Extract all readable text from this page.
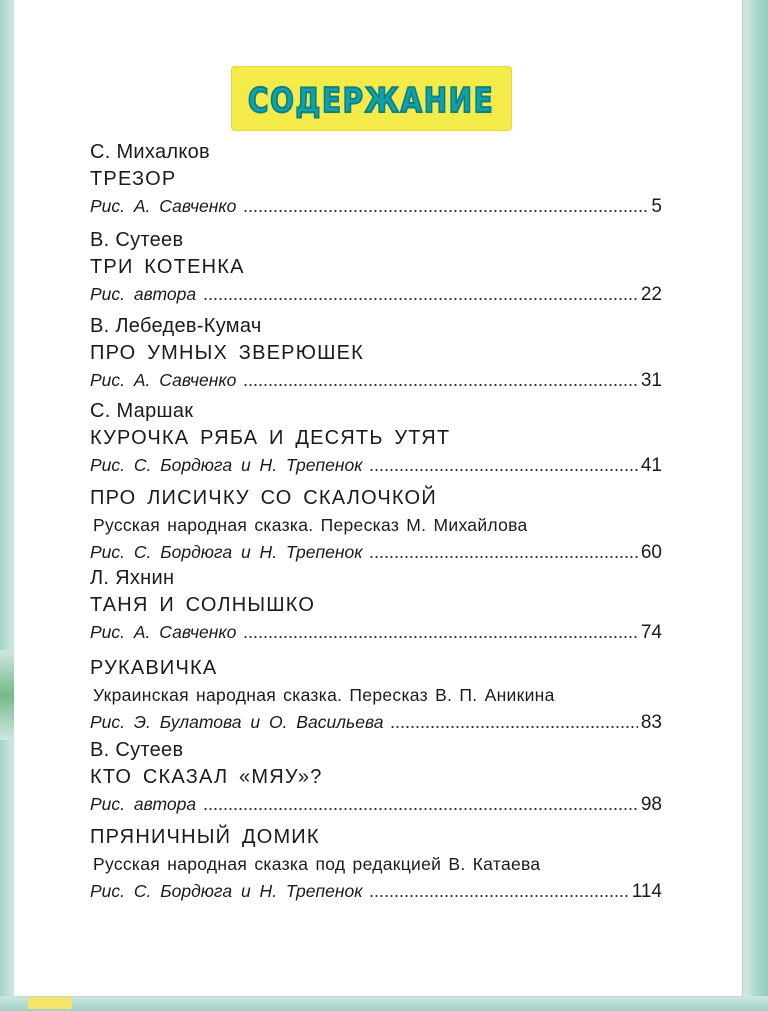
СОДЕРЖАНИЕ
С. Михалков
ТРЕЗОР
Рис. А. Савченко	5
В. Сутеев
ТРИ КОТЕНКА
Рис. автора	22
В. Лебедев-Кумач
ПРО УМНЫХ ЗВЕРЮШЕК
Рис. А. Савченко	31
С. Маршак
КУРОЧКА РЯБА И ДЕСЯТЬ УТЯТ
Рис. С. Бордюга и Н. Трепенок	41
ПРО ЛИСИЧКУ СО СКАЛОЧКОЙ
Русская народная сказка. Пересказ М. Михайлова
Рис. С. Бордюга и Н. Трепенок	60
Л. Яхнин
ТАНЯ И СОЛНЫШКО
Рис. А. Савченко	74
РУКАВИЧКА
Украинская народная сказка. Пересказ В. П. Аникина
Рис. Э. Булатова и О. Васильева	83
В. Сутеев
КТО СКАЗАЛ «МЯУ»?
Рис. автора	98
ПРЯНИЧНЫЙ ДОМИК
Русская народная сказка под редакцией В. Катаева
Рис. С. Бордюга и Н. Трепенок	114
